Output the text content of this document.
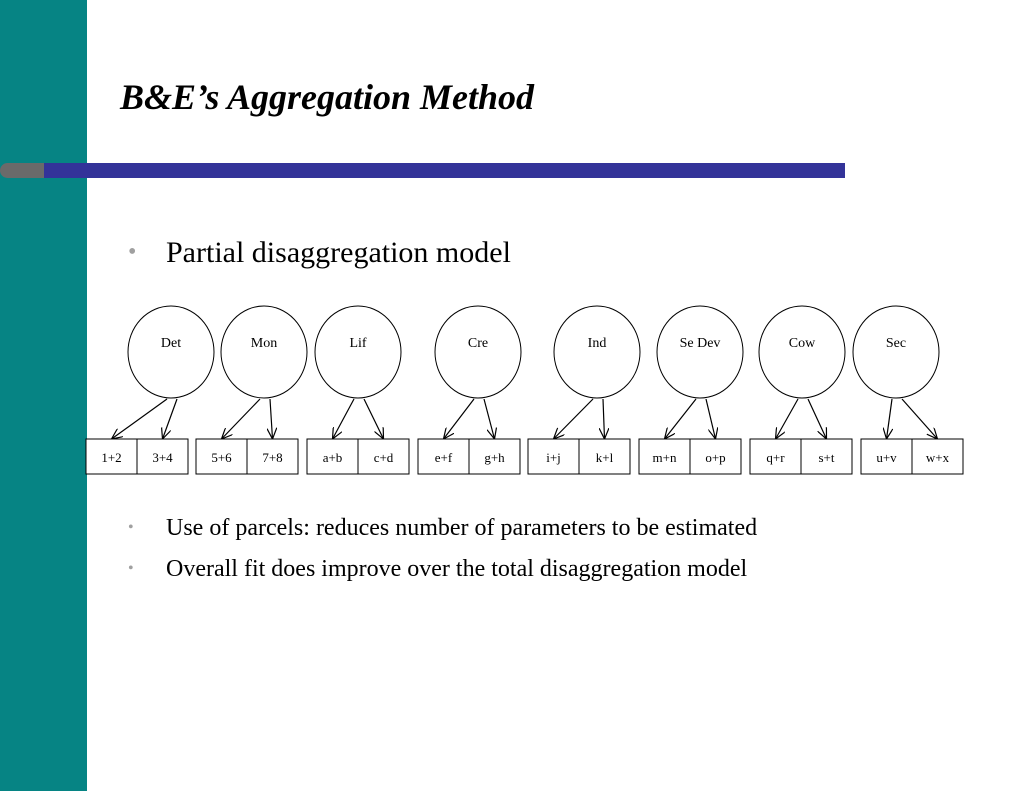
B&E’s Aggregation Method
• Partial disaggregation model
Det
1+2 3+4
Mon
5+6 7+8
Lif
a+b c+d
Cre
e+f g+h
Ind
i+j	k+l
Se Dev
m+n o+p
Cow
q+r	s+t
Sec
u+v w+x
• Use of parcels: reduces number of parameters to be estimated
• Overall fit does improve over the total disaggregation model
